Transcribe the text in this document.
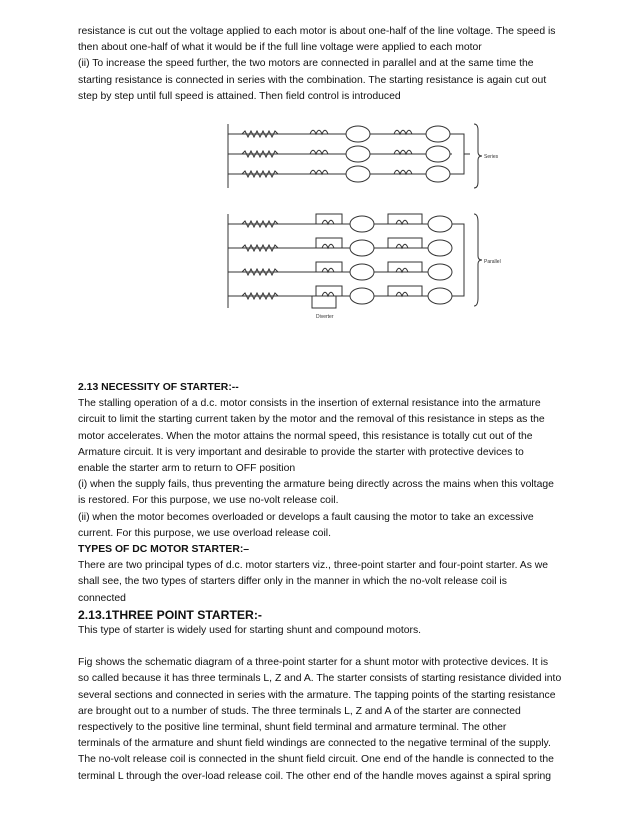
resistance is cut out the voltage applied to each motor is about one-half of the line voltage. The speed is

then about one-half of what it would be if the full line voltage were applied to each motor

(ii) To increase the speed further, the two motors are connected in parallel and at the same time the

starting resistance is connected in series with the combination. The starting resistance is again cut out

step by step until full speed is attained. Then field control is introduced

Series
Parallel
Diverter

2.13 NECESSITY OF STARTER:--

The stalling operation of a d.c. motor consists in the insertion of external resistance into the armature

circuit to limit the starting current taken by the motor and the removal of this resistance in steps as the

motor accelerates. When the motor attains the normal speed, this resistance is totally cut out of the

Armature circuit. It is very important and desirable to provide the starter with protective devices to

enable the starter arm to return to OFF position

(i) when the supply fails, thus preventing the armature being directly across the mains when this voltage

is restored. For this purpose, we use no-volt release coil.

(ii) when the motor becomes overloaded or develops a fault causing the motor to take an excessive

current. For this purpose, we use overload release coil.

TYPES OF DC MOTOR STARTER:–

There are two principal types of d.c. motor starters viz., three-point starter and four-point starter. As we

shall see, the two types of starters differ only in the manner in which the no-volt release coil is

connected

2.13.1THREE POINT STARTER:-

This type of starter is widely used for starting shunt and compound motors.

Fig shows the schematic diagram of a three-point starter for a shunt motor with protective devices. It is

so called because it has three terminals L, Z and A. The starter consists of starting resistance divided into

several sections and connected in series with the armature. The tapping points of the starting resistance

are brought out to a number of studs. The three terminals L, Z and A of the starter are connected

respectively to the positive line terminal, shunt field terminal and armature terminal. The other

terminals of the armature and shunt field windings are connected to the negative terminal of the supply.

The no-volt release coil is connected in the shunt field circuit. One end of the handle is connected to the

terminal L through the over-load release coil. The other end of the handle moves against a spiral spring
